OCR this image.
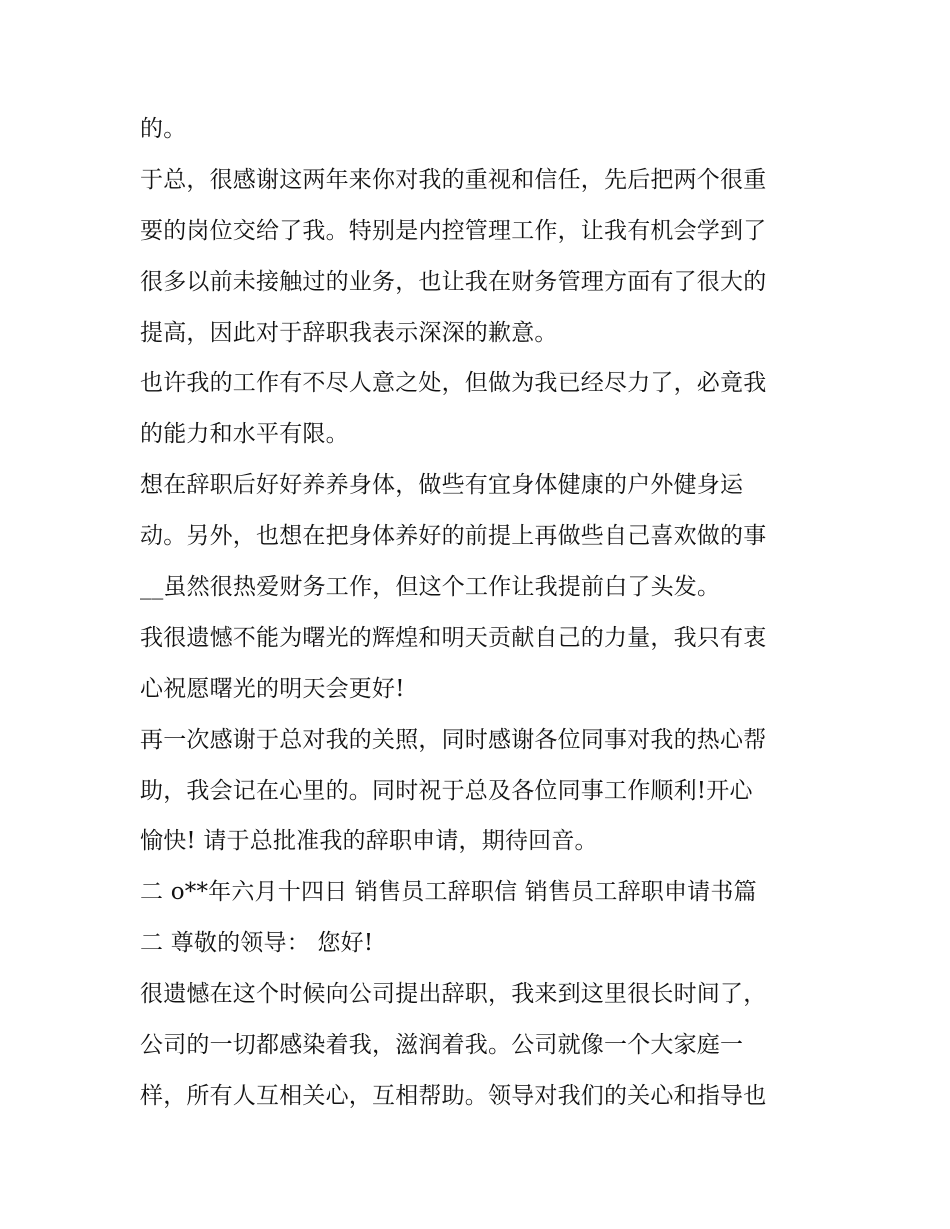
的。
于总，很感谢这两年来你对我的重视和信任，先后把两个很重
要的岗位交给了我。特别是内控管理工作，让我有机会学到了
很多以前未接触过的业务，也让我在财务管理方面有了很大的
提高，因此对于辞职我表示深深的歉意。
也许我的工作有不尽人意之处，但做为我已经尽力了，必竟我
的能力和水平有限。
想在辞职后好好养养身体，做些有宜身体健康的户外健身运
动。另外，也想在把身体养好的前提上再做些自己喜欢做的事
__虽然很热爱财务工作，但这个工作让我提前白了头发。
我很遗憾不能为曙光的辉煌和明天贡献自己的力量，我只有衷
心祝愿曙光的明天会更好!
再一次感谢于总对我的关照，同时感谢各位同事对我的热心帮
助，我会记在心里的。同时祝于总及各位同事工作顺利!开心
愉快! 请于总批准我的辞职申请，期待回音。
二 o**年六月十四日 销售员工辞职信 销售员工辞职申请书篇
二 尊敬的领导： 您好!
很遗憾在这个时候向公司提出辞职，我来到这里很长时间了，
公司的一切都感染着我，滋润着我。公司就像一个大家庭一
样，所有人互相关心，互相帮助。领导对我们的关心和指导也
